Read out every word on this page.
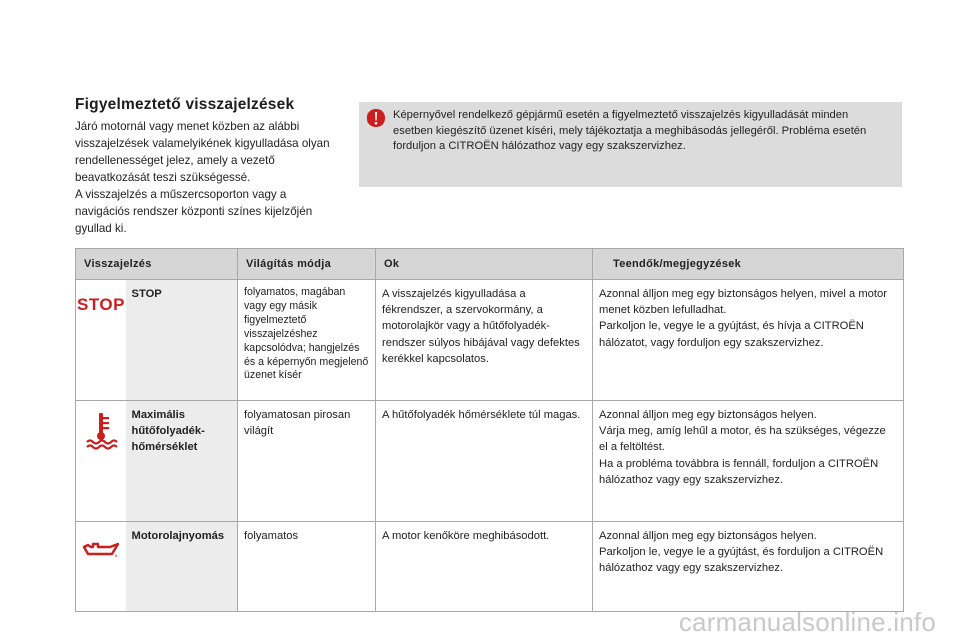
Figyelmeztető visszajelzések

Járó motornál vagy menet közben az alábbi visszajelzések valamelyikének kigyulladása olyan rendellenességet jelez, amely a vezető beavatkozását teszi szükségessé.

A visszajelzés a műszercsoporton vagy a navigációs rendszer központi színes kijelzőjén gyullad ki.

Képernyővel rendelkező gépjármű esetén a figyelmeztető visszajelzés kigyulladását minden esetben kiegészítő üzenet kíséri, mely tájékoztatja a meghibásodás jellegéről. Probléma esetén forduljon a CITROËN hálózathoz vagy egy szakszervizhez.
Visszajelzés		Világítás módja	Ok	Teendők/megjegyzések

STOP	STOP	folyamatos, magában vagy egy másik figyelmeztető visszajelzéshez kapcsolódva; hangjelzés és a képernyőn megjelenő üzenet kísér	A visszajelzés kigyulladása a fékrendszer, a szervokormány, a motorolajkör vagy a hűtőfolyadék-rendszer súlyos hibájával vagy defektes kerékkel kapcsolatos.	Azonnal álljon meg egy biztonságos helyen, mivel a motor menet közben lefulladhat.
Parkoljon le, vegye le a gyújtást, és hívja a CITROËN hálózatot, vagy forduljon egy szakszervizhez.

	Maximális hűtőfolyadék-hőmérséklet	folyamatosan pirosan világít	A hűtőfolyadék hőmérséklete túl magas.	Azonnal álljon meg egy biztonságos helyen.
Várja meg, amíg lehűl a motor, és ha szükséges, végezze el a feltöltést.
Ha a probléma továbbra is fennáll, forduljon a CITROËN hálózathoz vagy egy szakszervizhez.

	Motorolajnyomás	folyamatos	A motor kenőköre meghibásodott.	Azonnal álljon meg egy biztonságos helyen.
Parkoljon le, vegye le a gyújtást, és forduljon a CITROËN hálózathoz vagy egy szakszervizhez.
carmanualsonline.info
